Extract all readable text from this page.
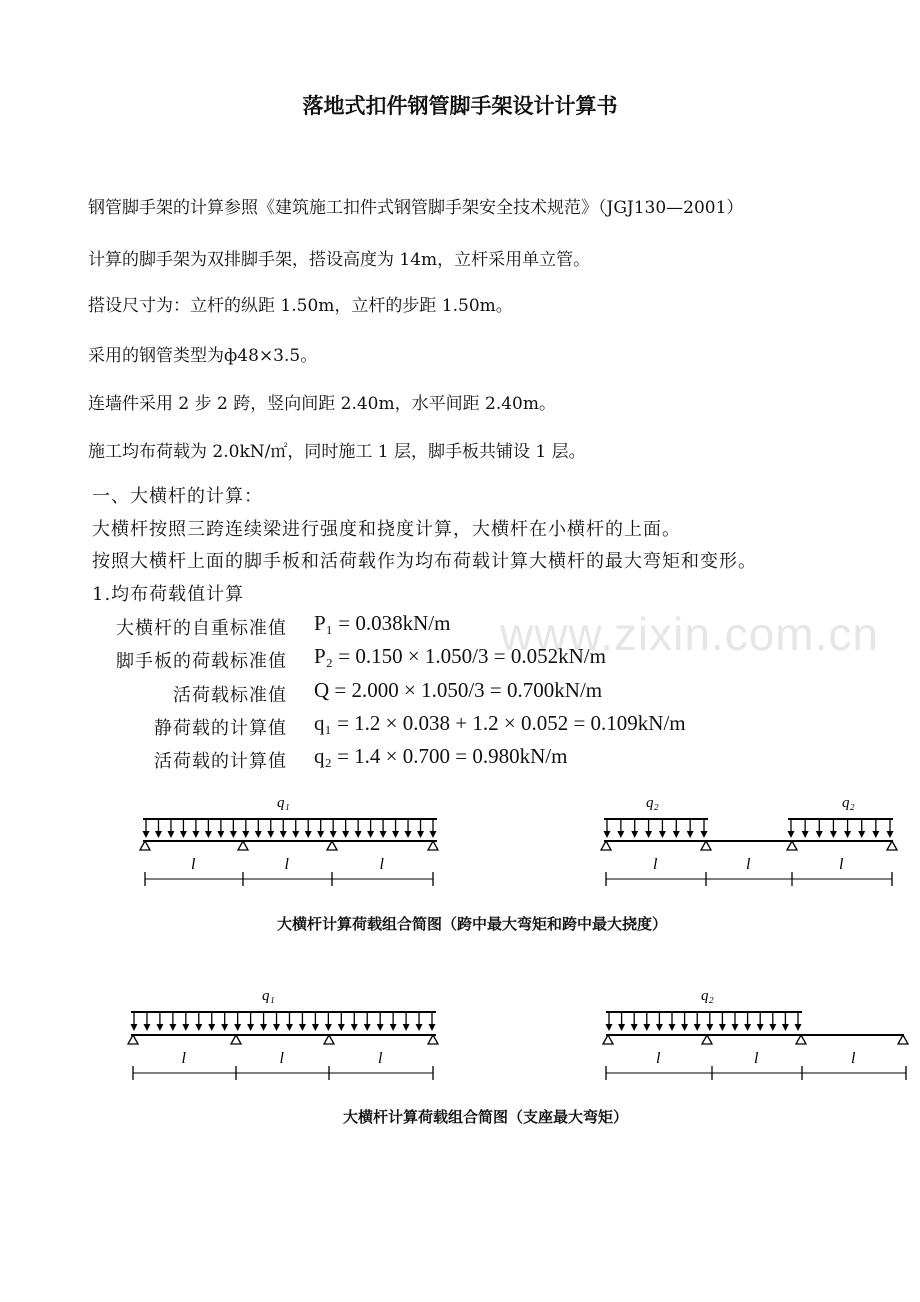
落地式扣件钢管脚手架设计计算书
钢管脚手架的计算参照《建筑施工扣件式钢管脚手架安全技术规范》（JGJ130—2001）
计算的脚手架为双排脚手架，搭设高度为 14m，立杆采用单立管。
搭设尺寸为：立杆的纵距 1.50m，立杆的步距 1.50m。
采用的钢管类型为ф48×3.5。
连墙件采用 2 步 2 跨，竖向间距 2.40m，水平间距 2.40m。
施工均布荷载为 2.0kN/㎡，同时施工 1 层，脚手板共铺设 1 层。
一、大横杆的计算：
大横杆按照三跨连续梁进行强度和挠度计算，大横杆在小横杆的上面。
按照大横杆上面的脚手板和活荷载作为均布荷载计算大横杆的最大弯矩和变形。
1.均布荷载值计算
www.zixin.com.cn
大横杆的自重标准值 P₁ = 0.038kN/m
脚手板的荷载标准值 P₂ = 0.150 × 1.050/3 = 0.052kN/m
活荷载标准值 Q = 2.000 × 1.050/3 = 0.700kN/m
静荷载的计算值 q₁ = 1.2 × 0.038 + 1.2 × 0.052 = 0.109kN/m
活荷载的计算值 q₂ = 1.4 × 0.700 = 0.980kN/m
q₁
l	l	l
q₂	q₂
l	l	l
q₁
l	l	l
q₂
l	l	l
大横杆计算荷载组合简图（跨中最大弯矩和跨中最大挠度）
大横杆计算荷载组合简图（支座最大弯矩）
